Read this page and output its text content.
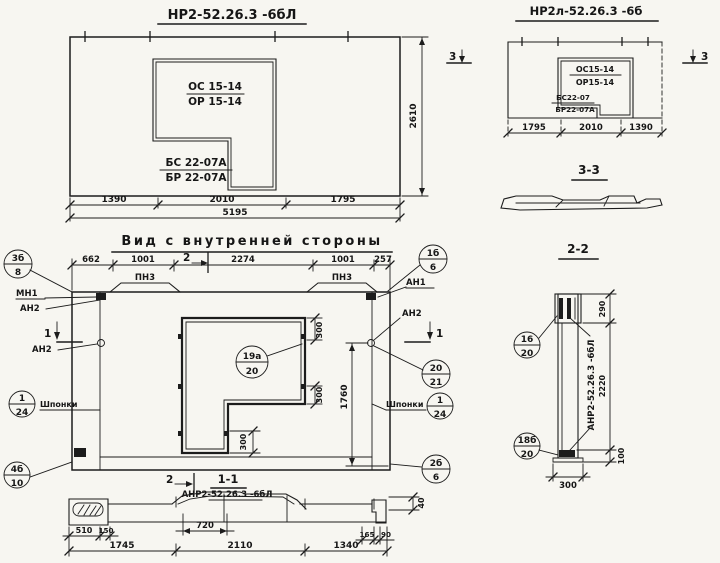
НР2-52.26.3 -6бЛ
ОС 15-14
ОР 15-14
БС 22-07А
БР 22-07А
1390	2010	1795
5195
2610
НР2л-52.26.3 -6б
3	3
ОС15-14
ОР15-14
БС22-07
БР22-07А
1795	2010	1390
3-3
2-2
АНР2-52.26.3 -6бЛ
290
2220
100
300
16
20
18б
20
Вид с внутренней стороны
ПН3	ПН3
300
300
300
1760
662	1001	2274	1001 257
2
2
1	1
МН1
АН2
АН2
АН1
АН2
3б
8
1б
6
4б
10
2б
6
20
21
1
24
Шпонки	1
24
Шпонки
19а
20
1-1
АНР2-52.26.3 -6бЛ
510 150	720
165 90
1745	2110	1340
40
